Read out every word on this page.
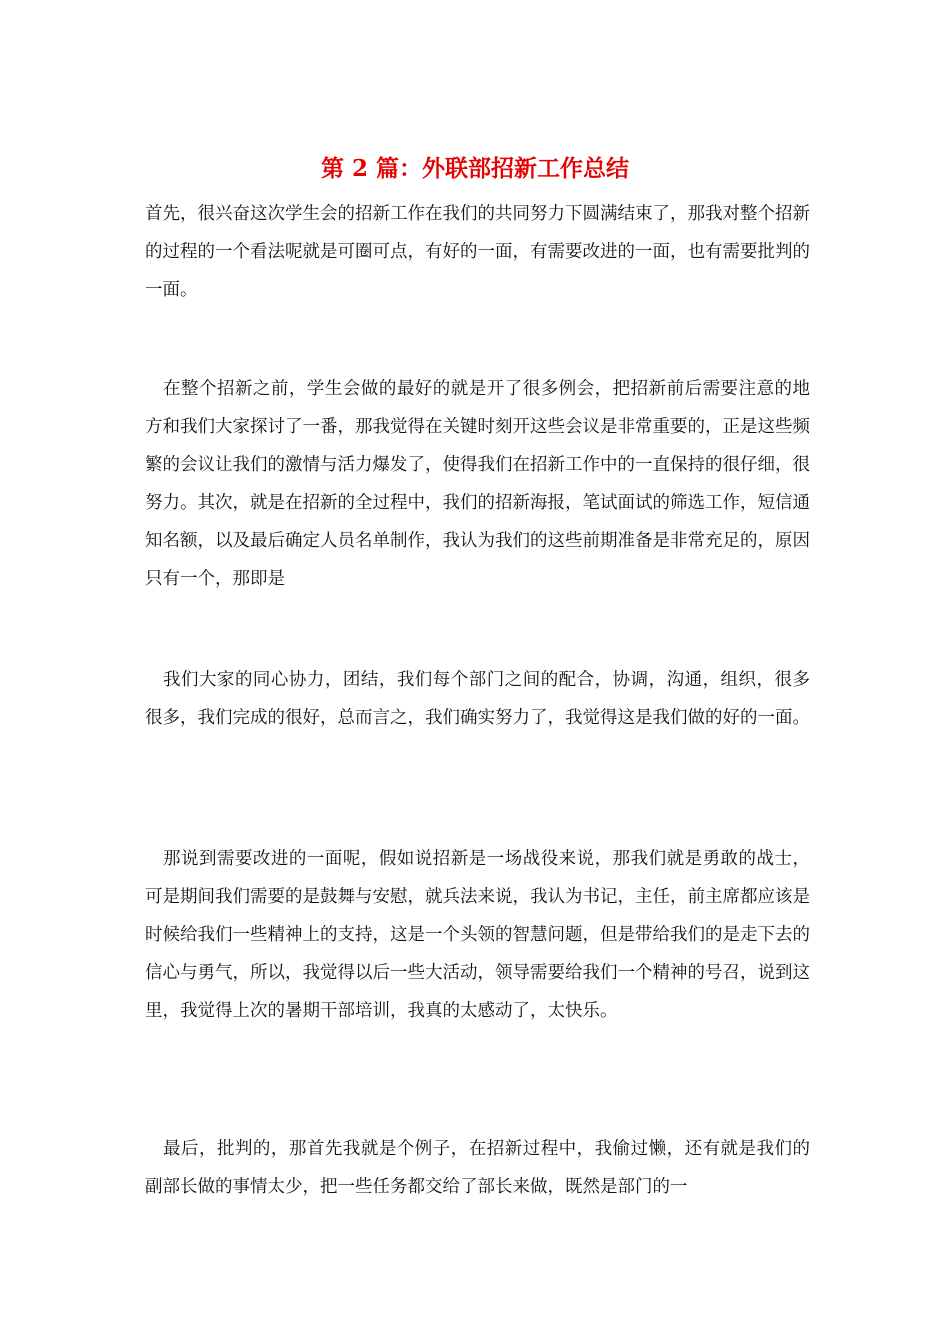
第 2 篇：外联部招新工作总结

首先，很兴奋这次学生会的招新工作在我们的共同努力下圆满结束了，那我对整个招新的过程的一个看法呢就是可圈可点，有好的一面，有需要改进的一面，也有需要批判的一面。

在整个招新之前，学生会做的最好的就是开了很多例会，把招新前后需要注意的地方和我们大家探讨了一番，那我觉得在关键时刻开这些会议是非常重要的，正是这些频繁的会议让我们的激情与活力爆发了，使得我们在招新工作中的一直保持的很仔细，很努力。其次，就是在招新的全过程中，我们的招新海报，笔试面试的筛选工作，短信通知名额，以及最后确定人员名单制作，我认为我们的这些前期准备是非常充足的，原因只有一个，那即是

我们大家的同心协力，团结，我们每个部门之间的配合，协调，沟通，组织，很多很多，我们完成的很好，总而言之，我们确实努力了，我觉得这是我们做的好的一面。

那说到需要改进的一面呢，假如说招新是一场战役来说，那我们就是勇敢的战士，可是期间我们需要的是鼓舞与安慰，就兵法来说，我认为书记，主任，前主席都应该是时候给我们一些精神上的支持，这是一个头领的智慧问题，但是带给我们的是走下去的信心与勇气，所以，我觉得以后一些大活动，领导需要给我们一个精神的号召，说到这里，我觉得上次的暑期干部培训，我真的太感动了，太快乐。

最后，批判的，那首先我就是个例子，在招新过程中，我偷过懒，还有就是我们的副部长做的事情太少，把一些任务都交给了部长来做，既然是部门的一
